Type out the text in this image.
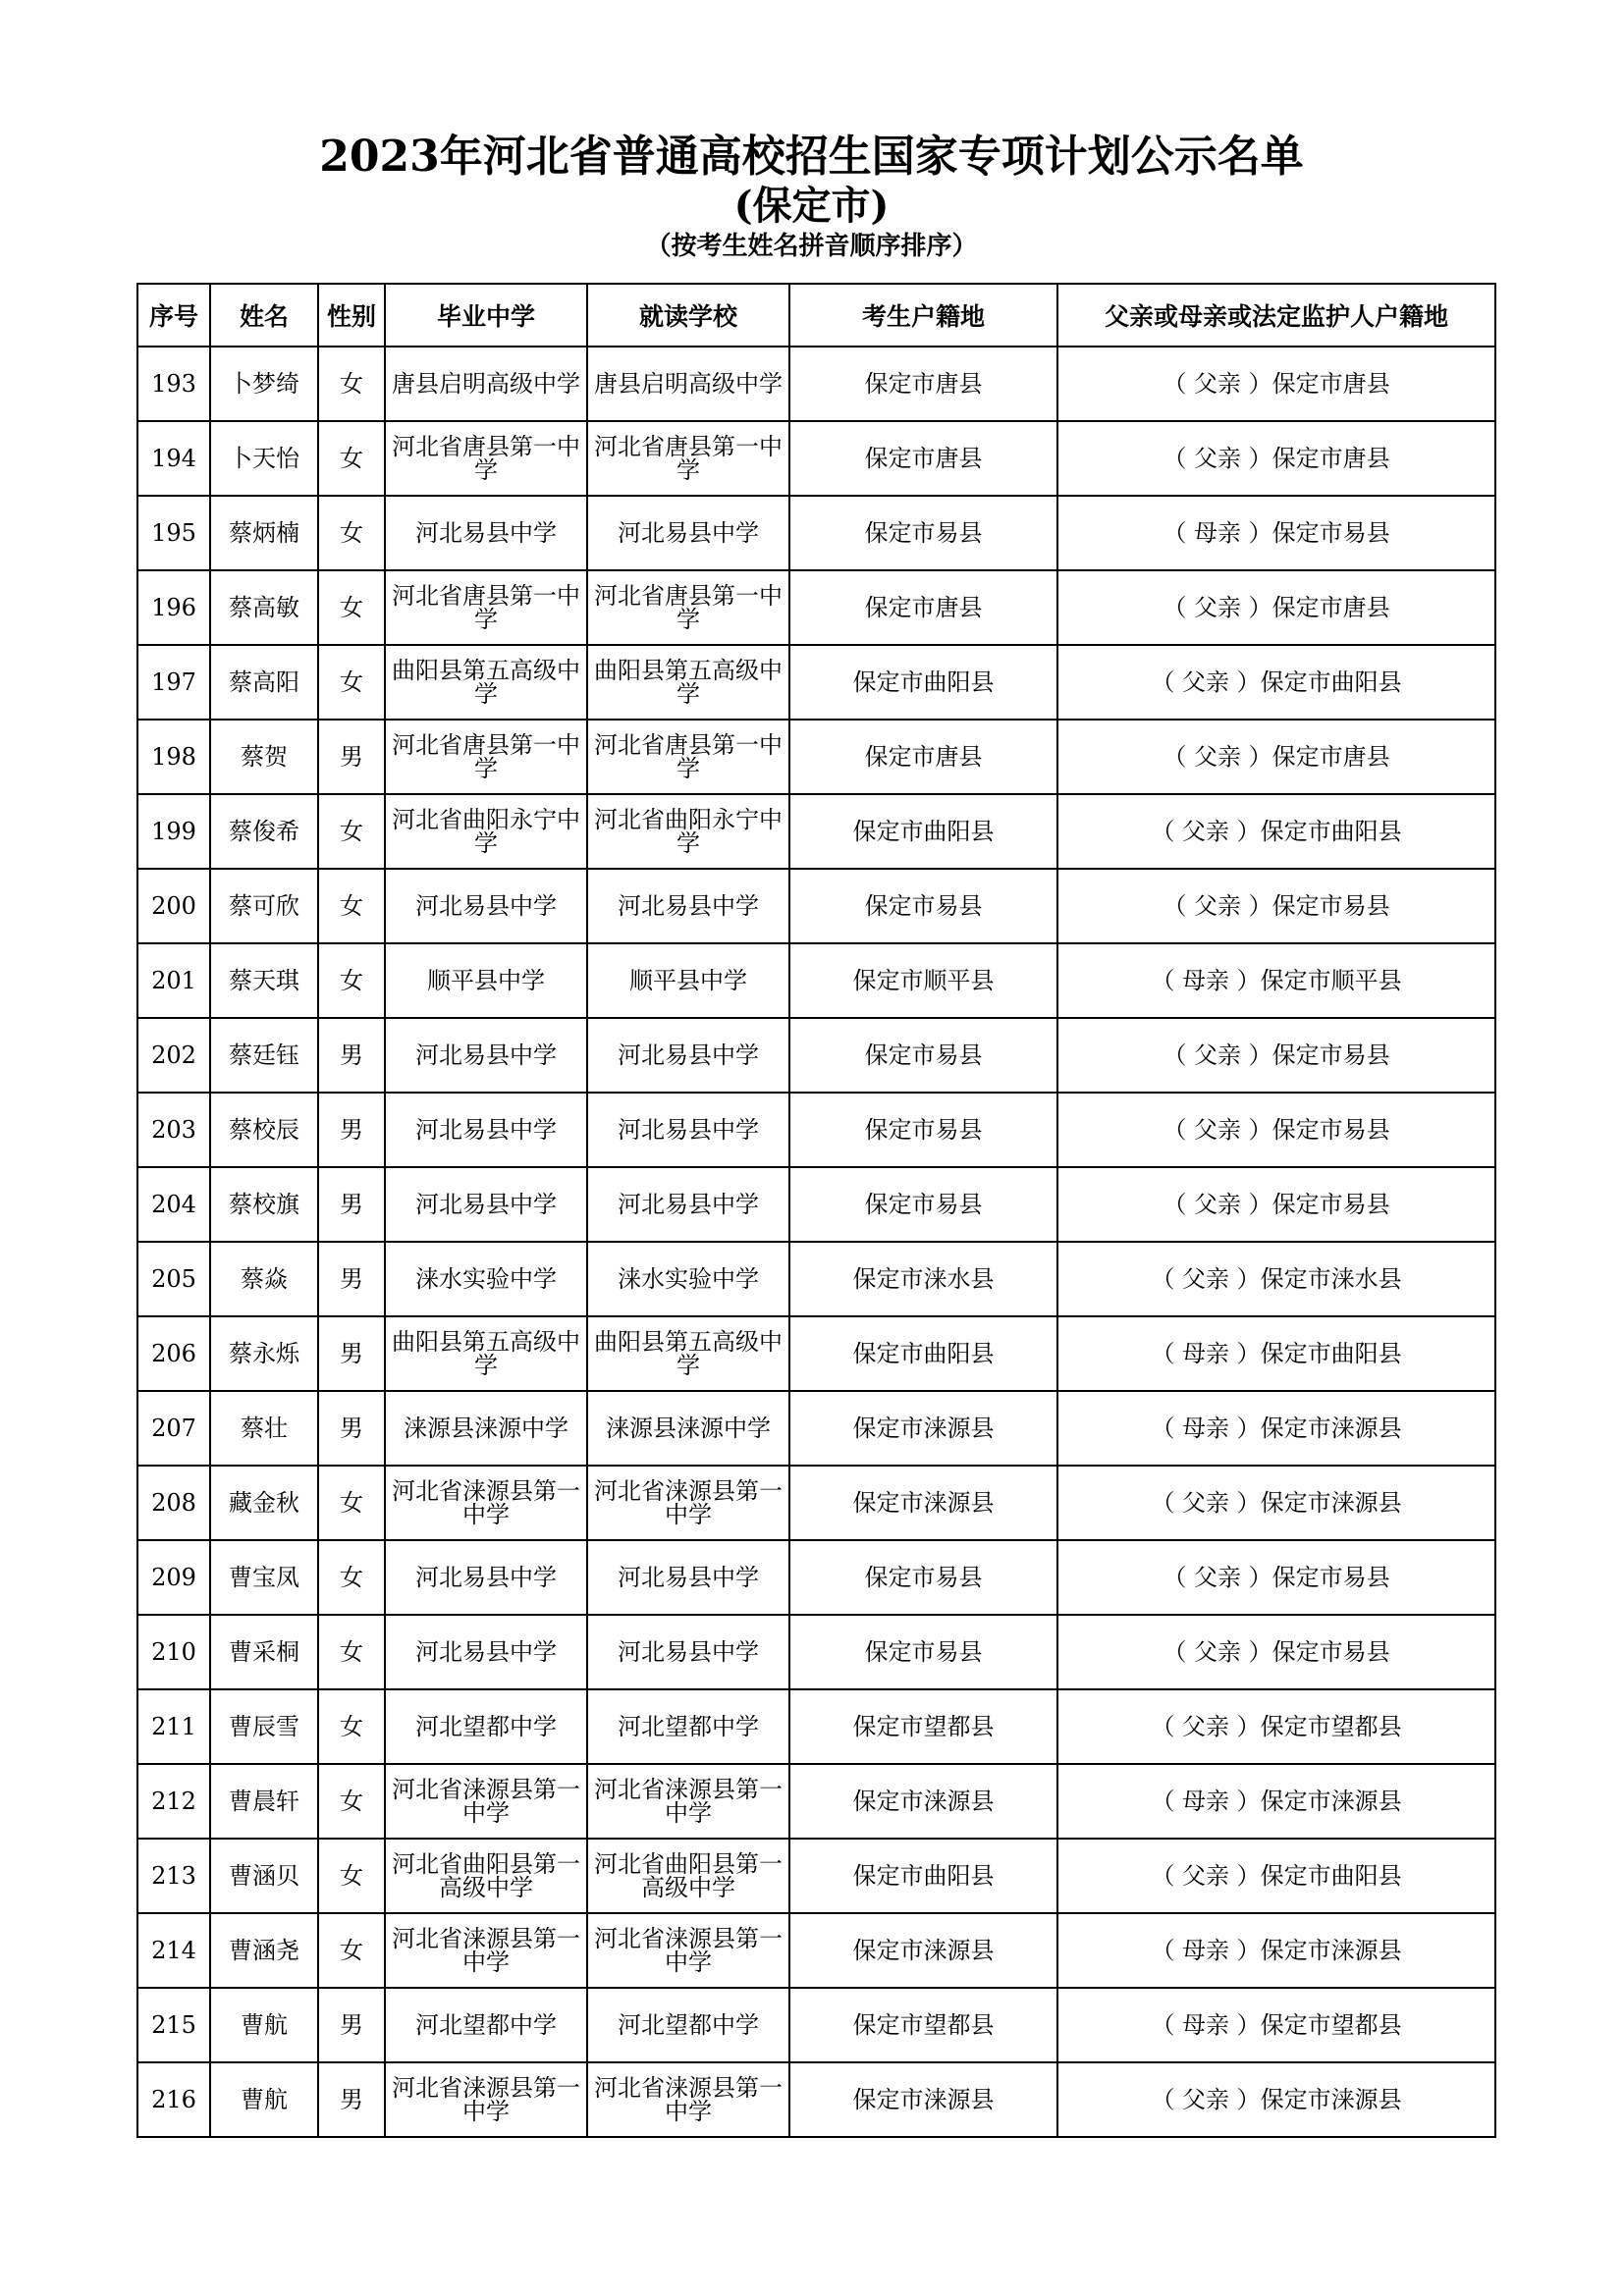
2023年河北省普通高校招生国家专项计划公示名单
(保定市)
（按考生姓名拼音顺序排序）
序号	姓名	性别	毕业中学	就读学校	考生户籍地	父亲或母亲或法定监护人户籍地
193	卜梦绮	女	唐县启明高级中学	唐县启明高级中学	保定市唐县	（ 父亲 ）保定市唐县
194	卜天怡	女	河北省唐县第一中学	河北省唐县第一中学	保定市唐县	（ 父亲 ）保定市唐县
195	蔡炳楠	女	河北易县中学	河北易县中学	保定市易县	（ 母亲 ）保定市易县
196	蔡高敏	女	河北省唐县第一中学	河北省唐县第一中学	保定市唐县	（ 父亲 ）保定市唐县
197	蔡高阳	女	曲阳县第五高级中学	曲阳县第五高级中学	保定市曲阳县	（ 父亲 ）保定市曲阳县
198	蔡贺	男	河北省唐县第一中学	河北省唐县第一中学	保定市唐县	（ 父亲 ）保定市唐县
199	蔡俊希	女	河北省曲阳永宁中学	河北省曲阳永宁中学	保定市曲阳县	（ 父亲 ）保定市曲阳县
200	蔡可欣	女	河北易县中学	河北易县中学	保定市易县	（ 父亲 ）保定市易县
201	蔡天琪	女	顺平县中学	顺平县中学	保定市顺平县	（ 母亲 ）保定市顺平县
202	蔡廷钰	男	河北易县中学	河北易县中学	保定市易县	（ 父亲 ）保定市易县
203	蔡校辰	男	河北易县中学	河北易县中学	保定市易县	（ 父亲 ）保定市易县
204	蔡校旗	男	河北易县中学	河北易县中学	保定市易县	（ 父亲 ）保定市易县
205	蔡焱	男	涞水实验中学	涞水实验中学	保定市涞水县	（ 父亲 ）保定市涞水县
206	蔡永烁	男	曲阳县第五高级中学	曲阳县第五高级中学	保定市曲阳县	（ 母亲 ）保定市曲阳县
207	蔡壮	男	涞源县涞源中学	涞源县涞源中学	保定市涞源县	（ 母亲 ）保定市涞源县
208	藏金秋	女	河北省涞源县第一中学	河北省涞源县第一中学	保定市涞源县	（ 父亲 ）保定市涞源县
209	曹宝凤	女	河北易县中学	河北易县中学	保定市易县	（ 父亲 ）保定市易县
210	曹采桐	女	河北易县中学	河北易县中学	保定市易县	（ 父亲 ）保定市易县
211	曹辰雪	女	河北望都中学	河北望都中学	保定市望都县	（ 父亲 ）保定市望都县
212	曹晨轩	女	河北省涞源县第一中学	河北省涞源县第一中学	保定市涞源县	（ 母亲 ）保定市涞源县
213	曹涵贝	女	河北省曲阳县第一高级中学	河北省曲阳县第一高级中学	保定市曲阳县	（ 父亲 ）保定市曲阳县
214	曹涵尧	女	河北省涞源县第一中学	河北省涞源县第一中学	保定市涞源县	（ 母亲 ）保定市涞源县
215	曹航	男	河北望都中学	河北望都中学	保定市望都县	（ 母亲 ）保定市望都县
216	曹航	男	河北省涞源县第一中学	河北省涞源县第一中学	保定市涞源县	（ 父亲 ）保定市涞源县
